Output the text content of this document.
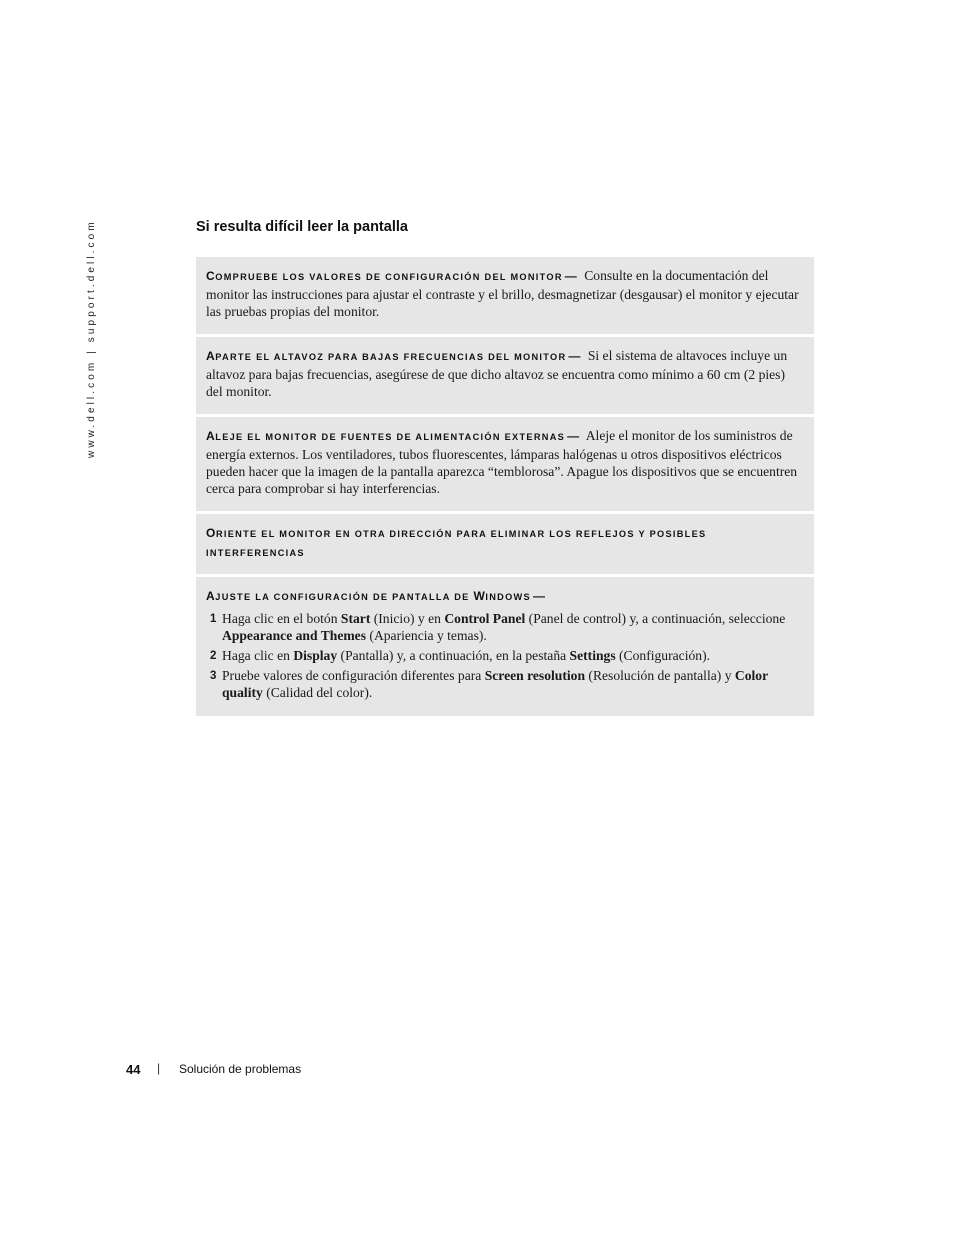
www.dell.com | support.dell.com	Si resulta difícil leer la pantalla

COMPRUEBE LOS VALORES DE CONFIGURACIÓN DEL MONITOR — Consulte en la documentación del monitor las instrucciones para ajustar el contraste y el brillo, desmagnetizar (desgausar) el monitor y ejecutar las pruebas propias del monitor.

APARTE EL ALTAVOZ PARA BAJAS FRECUENCIAS DEL MONITOR — Si el sistema de altavoces incluye un altavoz para bajas frecuencias, asegúrese de que dicho altavoz se encuentra como mínimo a 60 cm (2 pies) del monitor.

ALEJE EL MONITOR DE FUENTES DE ALIMENTACIÓN EXTERNAS — Aleje el monitor de los suministros de energía externos. Los ventiladores, tubos fluorescentes, lámparas halógenas u otros dispositivos eléctricos pueden hacer que la imagen de la pantalla aparezca “temblorosa”. Apague los dispositivos que se encuentren cerca para comprobar si hay interferencias.

ORIENTE EL MONITOR EN OTRA DIRECCIÓN PARA ELIMINAR LOS REFLEJOS Y POSIBLES INTERFERENCIAS

AJUSTE LA CONFIGURACIÓN DE PANTALLA DE WINDOWS —

1 Haga clic en el botón Start (Inicio) y en Control Panel (Panel de control) y, a continuación, seleccione Appearance and Themes (Apariencia y temas).
2 Haga clic en Display (Pantalla) y, a continuación, en la pestaña Settings (Configuración).
3 Pruebe valores de configuración diferentes para Screen resolution (Resolución de pantalla) y Color quality (Calidad del color).
44 | Solución de problemas
